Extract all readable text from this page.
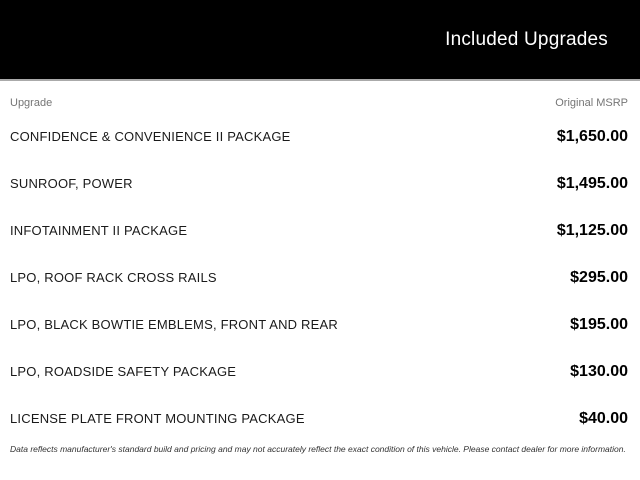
Included Upgrades
Upgrade	Original MSRP
CONFIDENCE & CONVENIENCE II PACKAGE	$1,650.00
SUNROOF, POWER	$1,495.00
INFOTAINMENT II PACKAGE	$1,125.00
LPO, ROOF RACK CROSS RAILS	$295.00
LPO, BLACK BOWTIE EMBLEMS, FRONT AND REAR	$195.00
LPO, ROADSIDE SAFETY PACKAGE	$130.00
LICENSE PLATE FRONT MOUNTING PACKAGE	$40.00
Data reflects manufacturer's standard build and pricing and may not accurately reflect the exact condition of this vehicle. Please contact dealer for more information.
